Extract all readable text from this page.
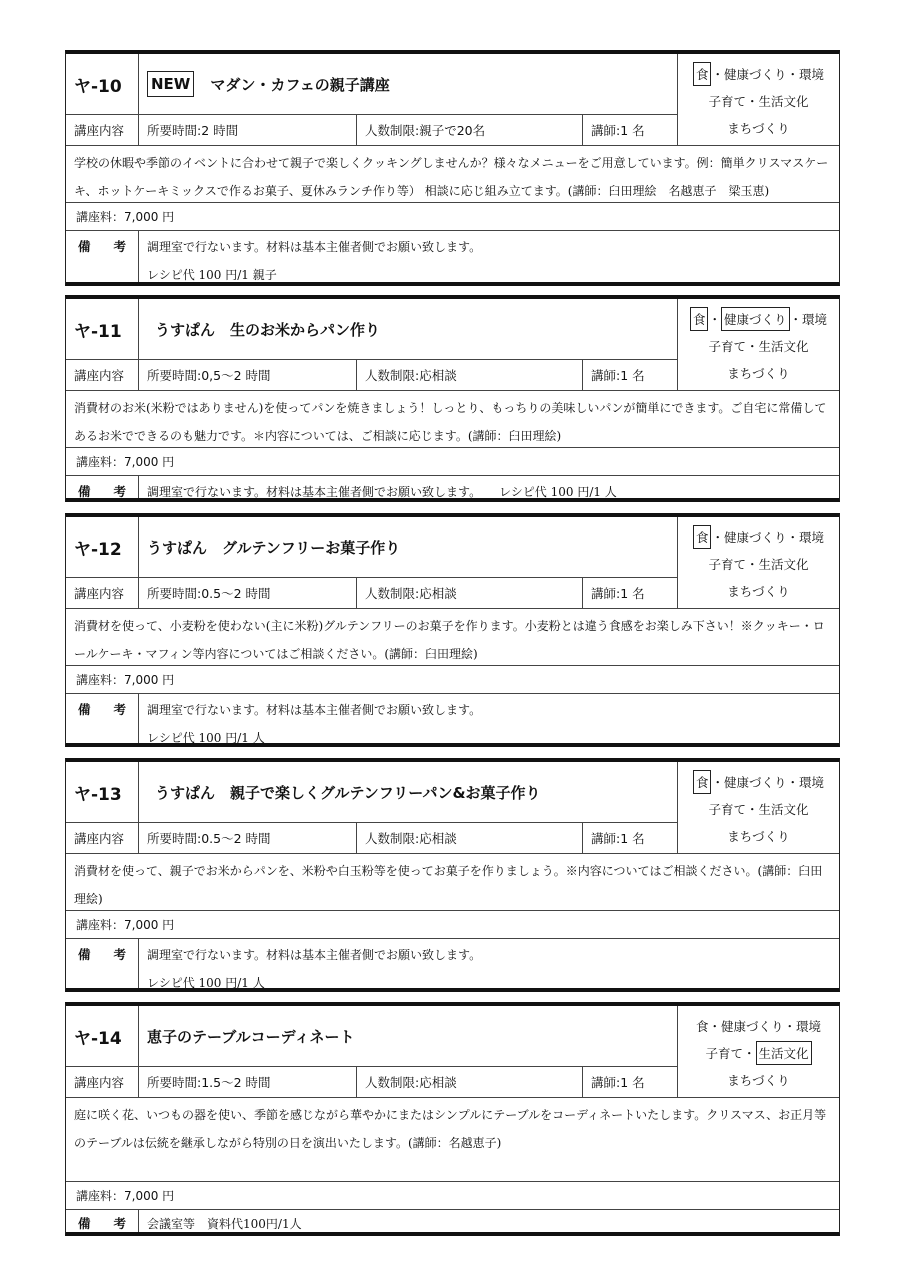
ヤ-10	NEW マダン・カフェの親子講座
食 ・ 健康づくり ・ 環境
子育て ・ 生活文化
まちづくり
講座内容	所要時間:2 時間	人数制限:親子で20名	講師:1 名
学校の休暇や季節のイベントに合わせて親子で楽しくクッキングしませんか？様々なメニューをご用意しています。例：簡単クリスマスケーキ、ホットケーキミックスで作るお菓子、夏休みランチ作り等） 相談に応じ組み立てます。(講師：臼田理絵　名越恵子　梁玉恵)
講座料：7,000 円
備 考 調理室で行ないます。材料は基本主催者側でお願い致します。
レシピ代 100 円/1 親子
ヤ-11	うすぱん　生のお米からパン作り
食 ・ 健康づくり ・ 環境
子育て ・ 生活文化
まちづくり
講座内容	所要時間:0,5～2 時間	人数制限:応相談	講師:1 名
消費材のお米(米粉ではありません)を使ってパンを焼きましょう！しっとり、もっちりの美味しいパンが簡単にできます。ご自宅に常備してあるお米でできるのも魅力です。＊内容については、ご相談に応じます。(講師：臼田理絵)
講座料：7,000 円
備 考 調理室で行ないます。材料は基本主催者側でお願い致します。　　レシピ代 100 円/1 人
ヤ-12	うすぱん　グルテンフリーお菓子作り
食 ・ 健康づくり ・ 環境
子育て ・ 生活文化
まちづくり
講座内容	所要時間:0.5～2 時間	人数制限:応相談	講師:1 名
消費材を使って、小麦粉を使わない(主に米粉)グルテンフリーのお菓子を作ります。小麦粉とは違う食感をお楽しみ下さい！※クッキー・ロールケーキ・マフィン等内容についてはご相談ください。(講師：臼田理絵)
講座料：7,000 円
備 考 調理室で行ないます。材料は基本主催者側でお願い致します。
レシピ代 100 円/1 人
ヤ-13	うすぱん　親子で楽しくグルテンフリーパン&お菓子作り
食 ・ 健康づくり ・ 環境
子育て ・ 生活文化
まちづくり
講座内容	所要時間:0.5～2 時間	人数制限:応相談	講師:1 名
消費材を使って、親子でお米からパンを、米粉や白玉粉等を使ってお菓子を作りましょう。※内容についてはご相談ください。(講師：臼田理絵)
講座料：7,000 円
備 考 調理室で行ないます。材料は基本主催者側でお願い致します。
レシピ代 100 円/1 人
ヤ-14	恵子のテーブルコーディネート
食 ・ 健康づくり ・ 環境
子育て ・ 生活文化
まちづくり
講座内容	所要時間:1.5～2 時間	人数制限:応相談	講師:1 名
庭に咲く花、いつもの器を使い、季節を感じながら華やかにまたはシンプルにテーブルをコーディネートいたします。クリスマス、お正月等のテーブルは伝統を継承しながら特別の日を演出いたします。(講師：名越恵子)
講座料：7,000 円
備 考 会議室等　資料代100円/1人
